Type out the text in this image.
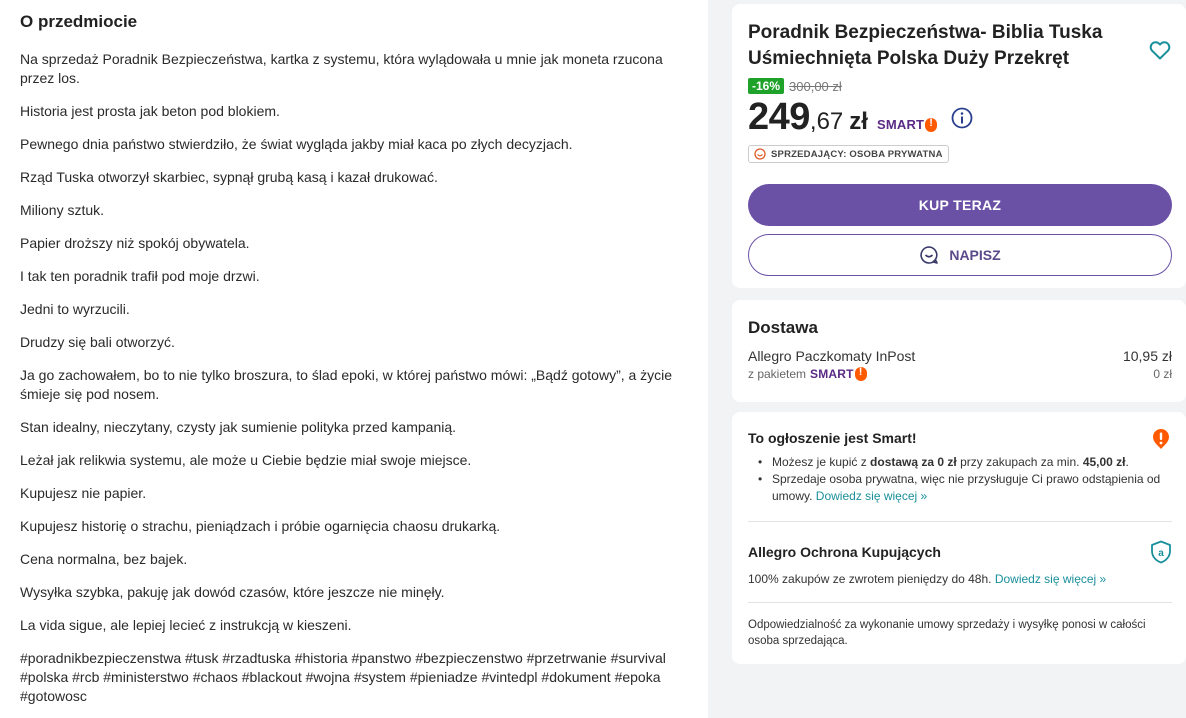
O przedmiocie

Na sprzedaż Poradnik Bezpieczeństwa, kartka z systemu, która wylądowała u mnie jak moneta rzucona przez los.

Historia jest prosta jak beton pod blokiem.

Pewnego dnia państwo stwierdziło, że świat wygląda jakby miał kaca po złych decyzjach.

Rząd Tuska otworzył skarbiec, sypnął grubą kasą i kazał drukować.

Miliony sztuk.

Papier droższy niż spokój obywatela.

I tak ten poradnik trafił pod moje drzwi.

Jedni to wyrzucili.

Drudzy się bali otworzyć.

Ja go zachowałem, bo to nie tylko broszura, to ślad epoki, w której państwo mówi: „Bądź gotowy”, a życie śmieje się pod nosem.

Stan idealny, nieczytany, czysty jak sumienie polityka przed kampanią.

Leżał jak relikwia systemu, ale może u Ciebie będzie miał swoje miejsce.

Kupujesz nie papier.

Kupujesz historię o strachu, pieniądzach i próbie ogarnięcia chaosu drukarką.

Cena normalna, bez bajek.

Wysyłka szybka, pakuję jak dowód czasów, które jeszcze nie minęły.

La vida sigue, ale lepiej lecieć z instrukcją w kieszeni.

#poradnikbezpieczenstwa #tusk #rzadtuska #historia #panstwo #bezpieczenstwo #przetrwanie #survival #polska #rcb #ministerstwo #chaos #blackout #wojna #system #pieniadze #vintedpl #dokument #epoka #gotowosc

Poradnik Bezpieczeństwa- Biblia Tuska Uśmiechnięta Polska Duży Przekręt
-16% 300,00 zł
249 ,67 zł SMART
!
SPRZEDAJĄCY: OSOBA PRYWATNA
KUP TERAZ
NAPISZ
Dostawa
Allegro Paczkomaty InPost	10,95 zł
z pakietem SMART
!	0 zł
To ogłoszenie jest Smart!
• Możesz je kupić z dostawą za 0 zł przy zakupach za min. 45,00 zł.
• Sprzedaje osoba prywatna, więc nie przysługuje Ci prawo odstąpienia od umowy. Dowiedz się więcej »
Allegro Ochrona Kupujących	a
100% zakupów ze zwrotem pieniędzy do 48h. Dowiedz się więcej »

Odpowiedzialność za wykonanie umowy sprzedaży i wysyłkę ponosi w całości osoba sprzedająca.
